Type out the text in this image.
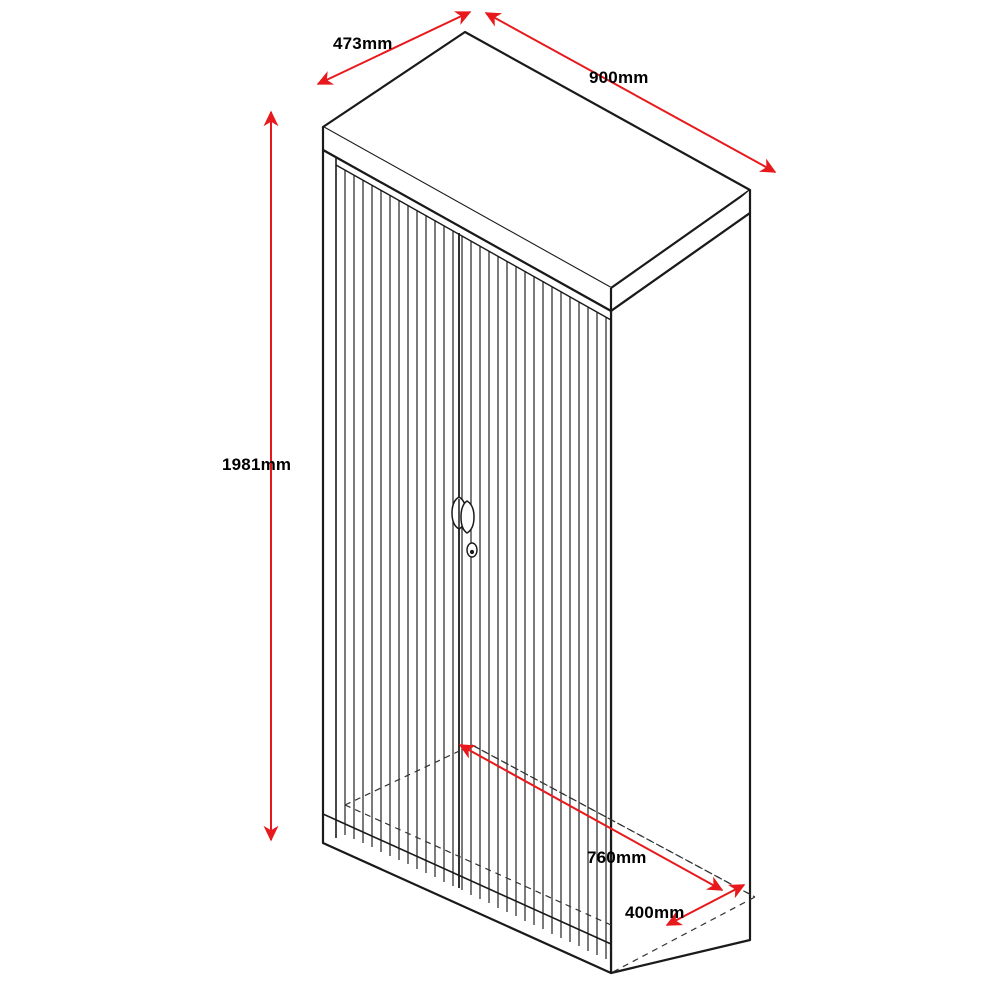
473mm
900mm
1981mm
760mm
400mm
